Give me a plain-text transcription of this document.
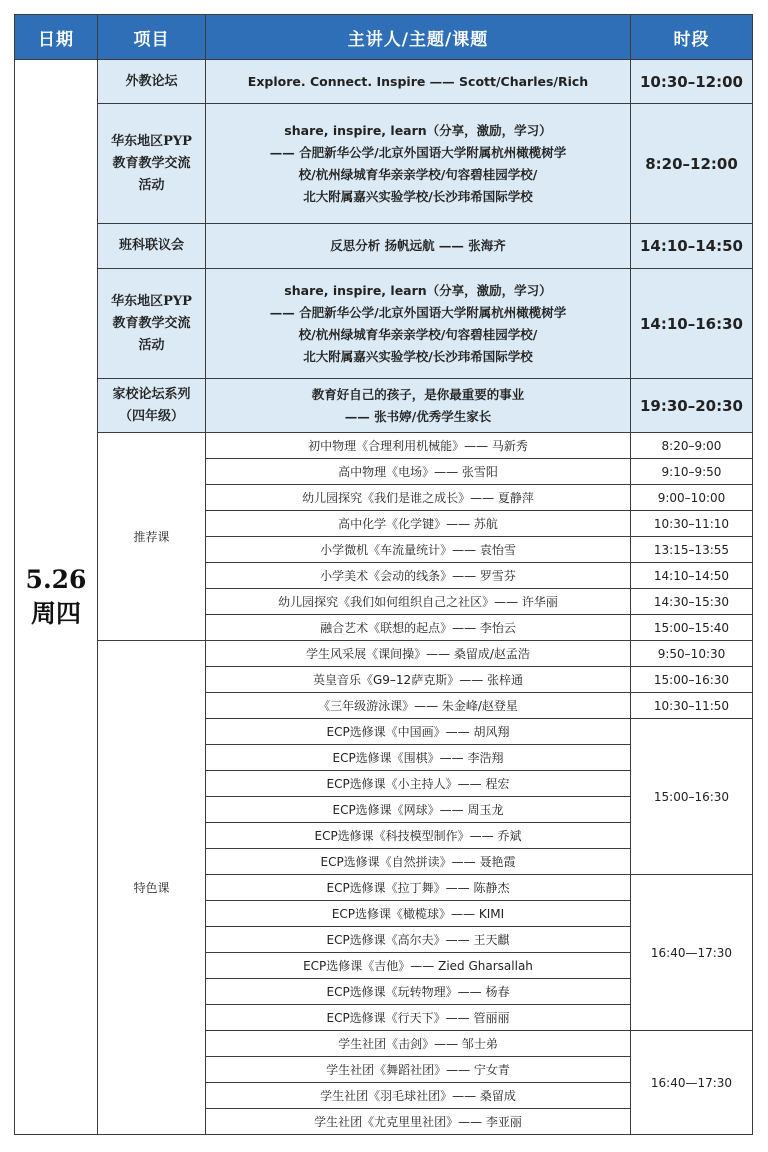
日期	项目	主讲人/主题/课题	时段

5.26
周四	外教论坛	Explore. Connect. Inspire —— Scott/Charles/Rich	10:30–12:00

	华东地区PYP
教育教学交流
活动	share, inspire, learn（分享，激励，学习）
—— 合肥新华公学/北京外国语大学附属杭州橄榄树学
校/杭州绿城育华亲亲学校/句容碧桂园学校/
北大附属嘉兴实验学校/长沙玮希国际学校	8:20–12:00

	班科联议会	反思分析 扬帆远航 —— 张海齐	14:10–14:50

	华东地区PYP
教育教学交流
活动	share, inspire, learn（分享，激励，学习）
—— 合肥新华公学/北京外国语大学附属杭州橄榄树学
校/杭州绿城育华亲亲学校/句容碧桂园学校/
北大附属嘉兴实验学校/长沙玮希国际学校	14:10–16:30

	家校论坛系列
（四年级）	教育好自己的孩子，是你最重要的事业
—— 张书婷/优秀学生家长	19:30–20:30
	推荐课	初中物理《合理利用机械能》—— 马新秀	8:20–9:00
		高中物理《电场》—— 张雪阳	9:10–9:50
		幼儿园探究《我们是谁之成长》—— 夏静萍	9:00–10:00
		高中化学《化学键》—— 苏航	10:30–11:10
		小学微机《车流量统计》—— 袁怡雪	13:15–13:55
		小学美术《会动的线条》—— 罗雪芬	14:10–14:50
		幼儿园探究《我们如何组织自己之社区》—— 许华丽	14:30–15:30
		融合艺术《联想的起点》—— 李怡云	15:00–15:40
	特色课	学生风采展《课间操》—— 桑留成/赵孟浩	9:50–10:30
		英皇音乐《G9–12萨克斯》—— 张梓通	15:00–16:30
		《三年级游泳课》—— 朱金峰/赵登星	10:30–11:50
		ECP选修课《中国画》—— 胡风翔	15:00–16:30
		ECP选修课《围棋》—— 李浩翔	
		ECP选修课《小主持人》—— 程宏	
		ECP选修课《网球》—— 周玉龙	
		ECP选修课《科技模型制作》—— 乔斌	
		ECP选修课《自然拼读》—— 聂艳霞	
		ECP选修课《拉丁舞》—— 陈静杰	16:40—17:30
		ECP选修课《橄榄球》—— KIMI	
		ECP选修课《高尔夫》—— 王天麒	
		ECP选修课《吉他》—— Zied Gharsallah	
		ECP选修课《玩转物理》—— 杨春	
		ECP选修课《行天下》—— 管丽丽	
		学生社团《击剑》—— 邹士弟	16:40—17:30
		学生社团《舞蹈社团》—— 宁女青	
		学生社团《羽毛球社团》—— 桑留成	
		学生社团《尤克里里社团》—— 李亚丽	
